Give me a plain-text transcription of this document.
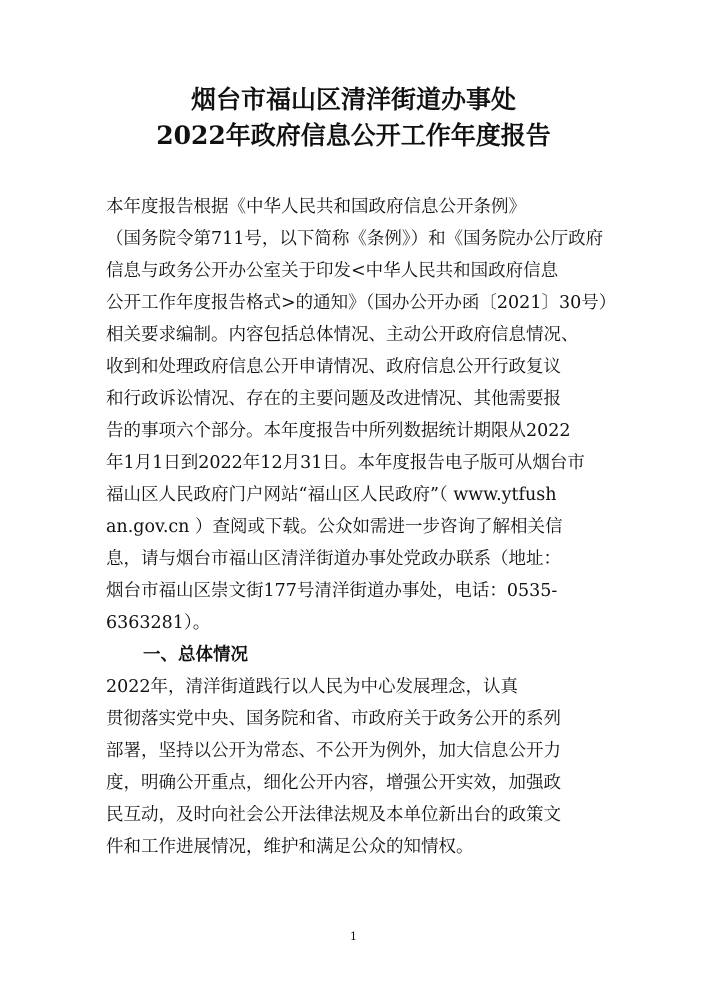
烟台市福山区清洋街道办事处
2022年政府信息公开工作年度报告

本年度报告根据《中华人民共和国政府信息公开条例》

（国务院令第711号，以下简称《条例》）和《国务院办公厅政府

信息与政务公开办公室关于印发<中华人民共和国政府信息

公开工作年度报告格式>的通知》（国办公开办函〔2021〕30号）

相关要求编制。内容包括总体情况、主动公开政府信息情况、

收到和处理政府信息公开申请情况、政府信息公开行政复议

和行政诉讼情况、存在的主要问题及改进情况、其他需要报

告的事项六个部分。本年度报告中所列数据统计期限从2022

年1月1日到2022年12月31日。本年度报告电子版可从烟台市

福山区人民政府门户网站“福山区人民政府”（ www.ytfush

an.gov.cn ）查阅或下载。公众如需进一步咨询了解相关信

息，请与烟台市福山区清洋街道办事处党政办联系（地址：

烟台市福山区崇文街177号清洋街道办事处，电话：0535-

6363281）。

一、总体情况

2022年，清洋街道践行以人民为中心发展理念，认真

贯彻落实党中央、国务院和省、市政府关于政务公开的系列

部署，坚持以公开为常态、不公开为例外，加大信息公开力

度，明确公开重点，细化公开内容，增强公开实效，加强政

民互动，及时向社会公开法律法规及本单位新出台的政策文

件和工作进展情况，维护和满足公众的知情权。

1
